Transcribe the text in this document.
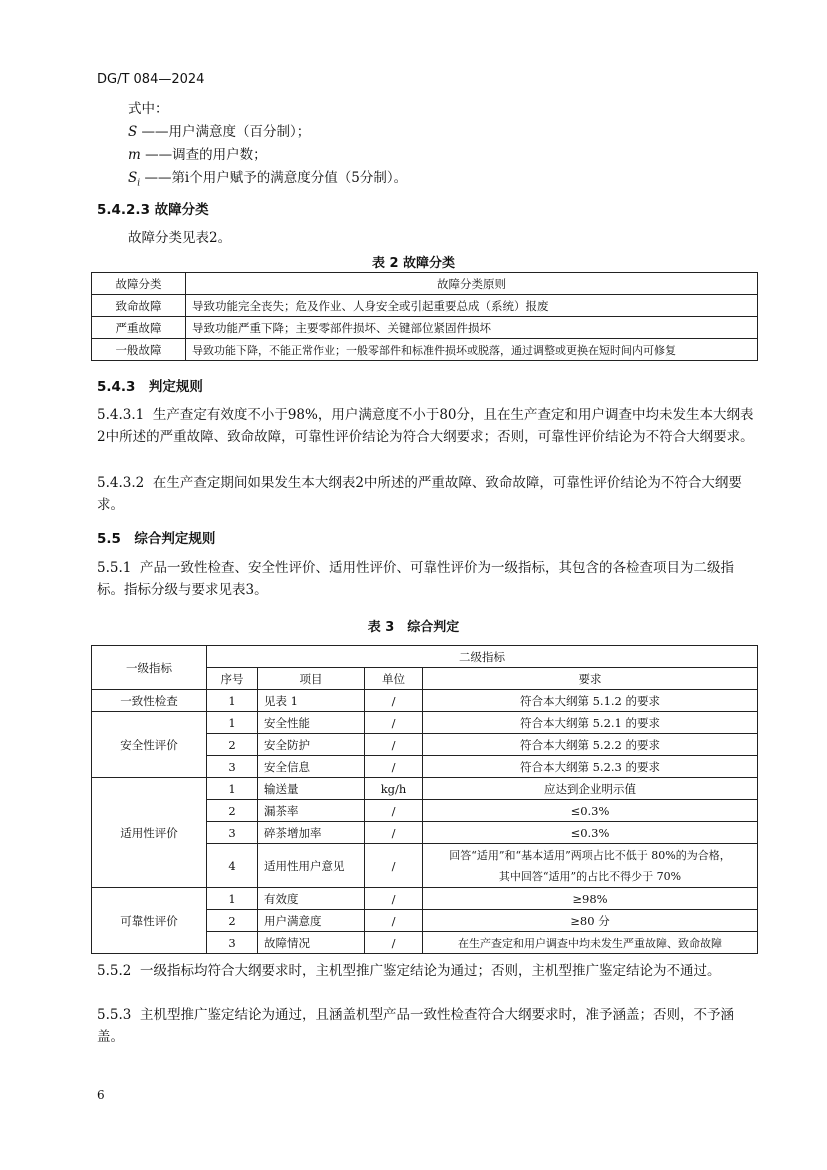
DG/T 084—2024
式中：
S ——用户满意度（百分制）；
m ——调查的用户数；
$S_i$ ——第i个用户赋予的满意度分值（5分制）。
5.4.2.3 故障分类
故障分类见表2。
表 2 故障分类
故障分类	故障分类原则
致命故障	导致功能完全丧失；危及作业、人身安全或引起重要总成（系统）报废
严重故障	导致功能严重下降；主要零部件损坏、关键部位紧固件损坏
一般故障	导致功能下降，不能正常作业；一般零部件和标准件损坏或脱落，通过调整或更换在短时间内可修复
5.4.3　判定规则
5.4.3.1 生产查定有效度不小于98%，用户满意度不小于80分，且在生产查定和用户调查中均未发生本大纲表2中所述的严重故障、致命故障，可靠性评价结论为符合大纲要求；否则，可靠性评价结论为不符合大纲要求。
5.4.3.2 在生产查定期间如果发生本大纲表2中所述的严重故障、致命故障，可靠性评价结论为不符合大纲要求。
5.5　综合判定规则
5.5.1 产品一致性检查、安全性评价、适用性评价、可靠性评价为一级指标，其包含的各检查项目为二级指标。指标分级与要求见表3。
表 3　综合判定
一级指标	二级指标			
	序号	项目	单位	要求
一致性检查	1	见表 1	/	符合本大纲第 5.1.2 的要求
安全性评价	1	安全性能	/	符合本大纲第 5.2.1 的要求
	2	安全防护	/	符合本大纲第 5.2.2 的要求
	3	安全信息	/	符合本大纲第 5.2.3 的要求
适用性评价	1	输送量	kg/h	应达到企业明示值
	2	漏茶率	/	≤0.3%
	3	碎茶增加率	/	≤0.3%
	4	适用性用户意见	/	回答“适用”和“基本适用”两项占比不低于 80%的为合格，
其中回答“适用”的占比不得少于 70%

可靠性评价	1	有效度	/	≥98%
	2	用户满意度	/	≥80 分
	3	故障情况	/	在生产查定和用户调查中均未发生严重故障、致命故障
5.5.2 一级指标均符合大纲要求时，主机型推广鉴定结论为通过；否则，主机型推广鉴定结论为不通过。
5.5.3 主机型推广鉴定结论为通过，且涵盖机型产品一致性检查符合大纲要求时，准予涵盖；否则，不予涵盖。
6
